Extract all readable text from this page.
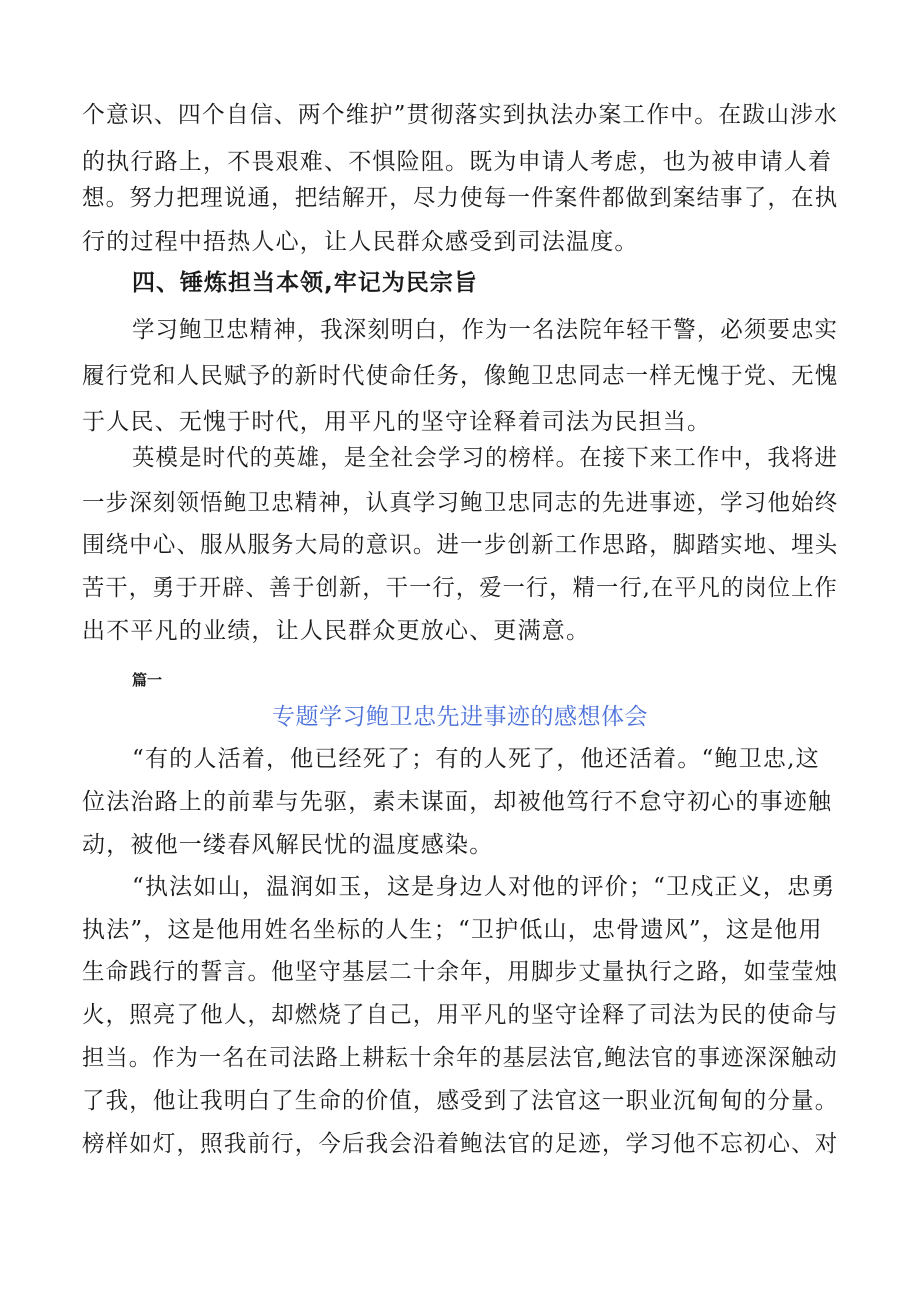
个意识、四个自信、两个维护”贯彻落实到执法办案工作中。在跋山涉水
的执行路上，不畏艰难、不惧险阻。既为申请人考虑，也为被申请人着
想。努力把理说通，把结解开，尽力使每一件案件都做到案结事了，在执
行的过程中捂热人心，让人民群众感受到司法温度。
四、锤炼担当本领,牢记为民宗旨
学习鲍卫忠精神，我深刻明白，作为一名法院年轻干警，必须要忠实
履行党和人民赋予的新时代使命任务，像鲍卫忠同志一样无愧于党、无愧
于人民、无愧于时代，用平凡的坚守诠释着司法为民担当。
英模是时代的英雄，是全社会学习的榜样。在接下来工作中，我将进
一步深刻领悟鲍卫忠精神，认真学习鲍卫忠同志的先进事迹，学习他始终
围绕中心、服从服务大局的意识。进一步创新工作思路，脚踏实地、埋头
苦干，勇于开辟、善于创新，干一行，爱一行，精一行,在平凡的岗位上作
出不平凡的业绩，让人民群众更放心、更满意。
篇一
专题学习鲍卫忠先进事迹的感想体会
“有的人活着，他已经死了；有的人死了，他还活着。“鲍卫忠,这
位法治路上的前辈与先驱，素未谋面，却被他笃行不怠守初心的事迹触
动，被他一缕春风解民忧的温度感染。
“执法如山，温润如玉，这是身边人对他的评价；“卫戍正义，忠勇
执法”，这是他用姓名坐标的人生；“卫护低山，忠骨遗风”，这是他用
生命践行的誓言。他坚守基层二十余年，用脚步丈量执行之路，如莹莹烛
火，照亮了他人，却燃烧了自己，用平凡的坚守诠释了司法为民的使命与
担当。作为一名在司法路上耕耘十余年的基层法官,鲍法官的事迹深深触动
了我，他让我明白了生命的价值，感受到了法官这一职业沉甸甸的分量。
榜样如灯，照我前行，今后我会沿着鲍法官的足迹，学习他不忘初心、对
